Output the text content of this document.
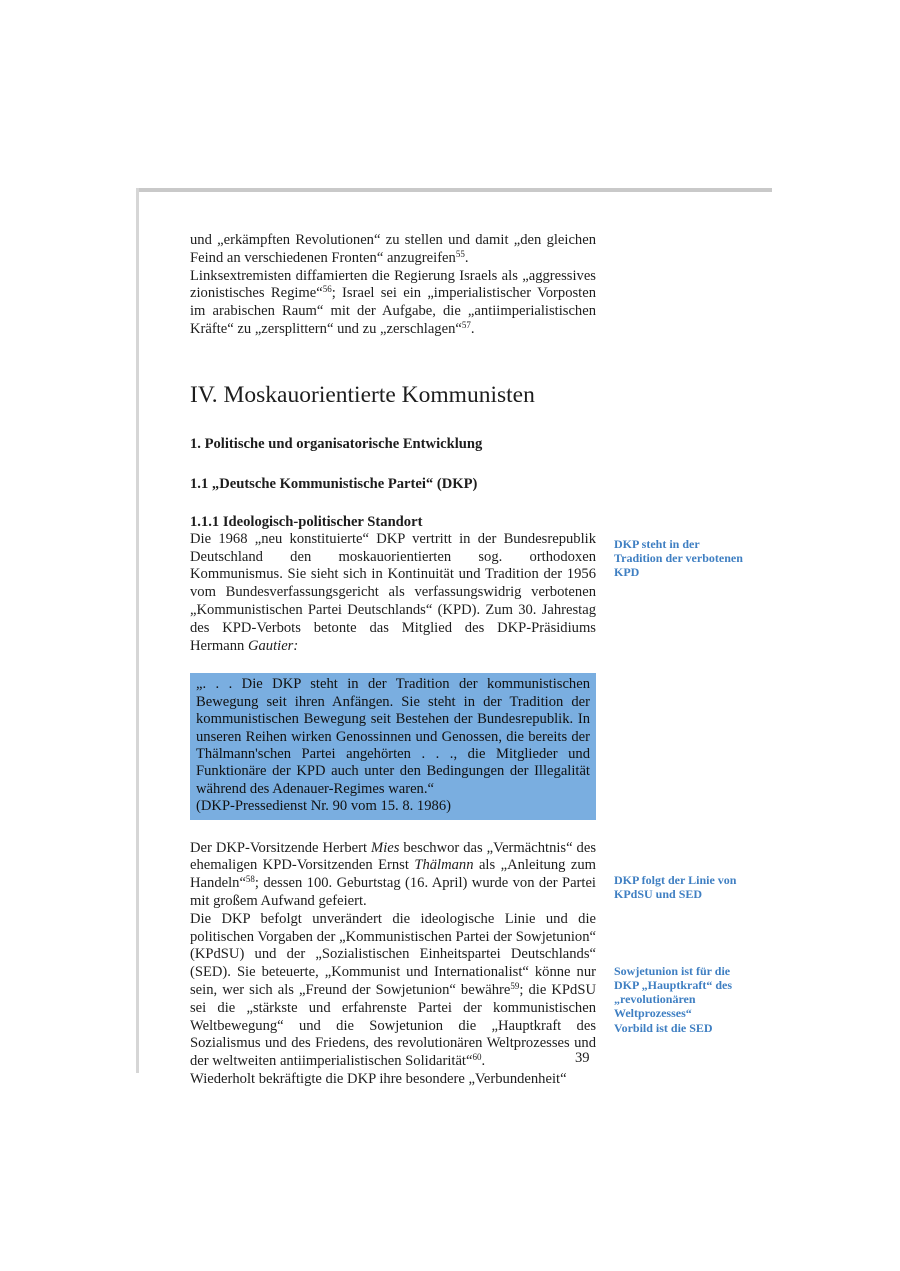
und „erkämpften Revolutionen“ zu stellen und damit „den gleichen Feind an verschiedenen Fronten“ anzugreifen$^{55}$.

Linksextremisten diffamierten die Regierung Israels als „aggressives zionistisches Regime“$^{56}$; Israel sei ein „imperialistischer Vorposten im arabischen Raum“ mit der Aufgabe, die „antiimperialistischen Kräfte“ zu „zersplittern“ und zu „zerschlagen“$^{57}$.

IV. Moskauorientierte Kommunisten
1. Politische und organisatorische Entwicklung
1.1 „Deutsche Kommunistische Partei“ (DKP)
1.1.1 Ideologisch-politischer Standort

Die 1968 „neu konstituierte“ DKP vertritt in der Bundesrepublik Deutschland den moskauorientierten sog. orthodoxen Kommunismus. Sie sieht sich in Kontinuität und Tradition der 1956 vom Bundesverfassungsgericht als verfassungswidrig verbotenen „Kommunistischen Partei Deutschlands“ (KPD). Zum 30. Jahrestag des KPD-Verbots betonte das Mitglied des DKP-Präsidiums Hermann Gautier:

„. . . Die DKP steht in der Tradition der kommunistischen Bewegung seit ihren Anfängen. Sie steht in der Tradition der kommunistischen Bewegung seit Bestehen der Bundesrepublik. In unseren Reihen wirken Genossinnen und Genossen, die bereits der Thälmann'schen Partei angehörten . . ., die Mitglieder und Funktionäre der KPD auch unter den Bedingungen der Illegalität während des Adenauer-Regimes waren.“
(DKP-Pressedienst Nr. 90 vom 15. 8. 1986)

Der DKP-Vorsitzende Herbert Mies beschwor das „Vermächtnis“ des ehemaligen KPD-Vorsitzenden Ernst Thälmann als „Anleitung zum Handeln“$^{58}$; dessen 100. Geburtstag (16. April) wurde von der Partei mit großem Aufwand gefeiert.

Die DKP befolgt unverändert die ideologische Linie und die politischen Vorgaben der „Kommunistischen Partei der Sowjetunion“ (KPdSU) und der „Sozialistischen Einheitspartei Deutschlands“ (SED). Sie beteuerte, „Kommunist und Internationalist“ könne nur sein, wer sich als „Freund der Sowjetunion“ bewähre$^{59}$; die KPdSU sei die „stärkste und erfahrenste Partei der kommunistischen Weltbewegung“ und die Sowjetunion die „Hauptkraft des Sozialismus und des Friedens, des revolutionären Weltprozesses und der weltweiten antiimperialistischen Solidarität“$^{60}$.

Wiederholt bekräftigte die DKP ihre besondere „Verbundenheit“

DKP steht in der Tradition der verbotenen KPD
DKP folgt der Linie von KPdSU und SED
Sowjetunion ist für die DKP „Hauptkraft“ des „revolutionären Weltprozesses“
Vorbild ist die SED
39
